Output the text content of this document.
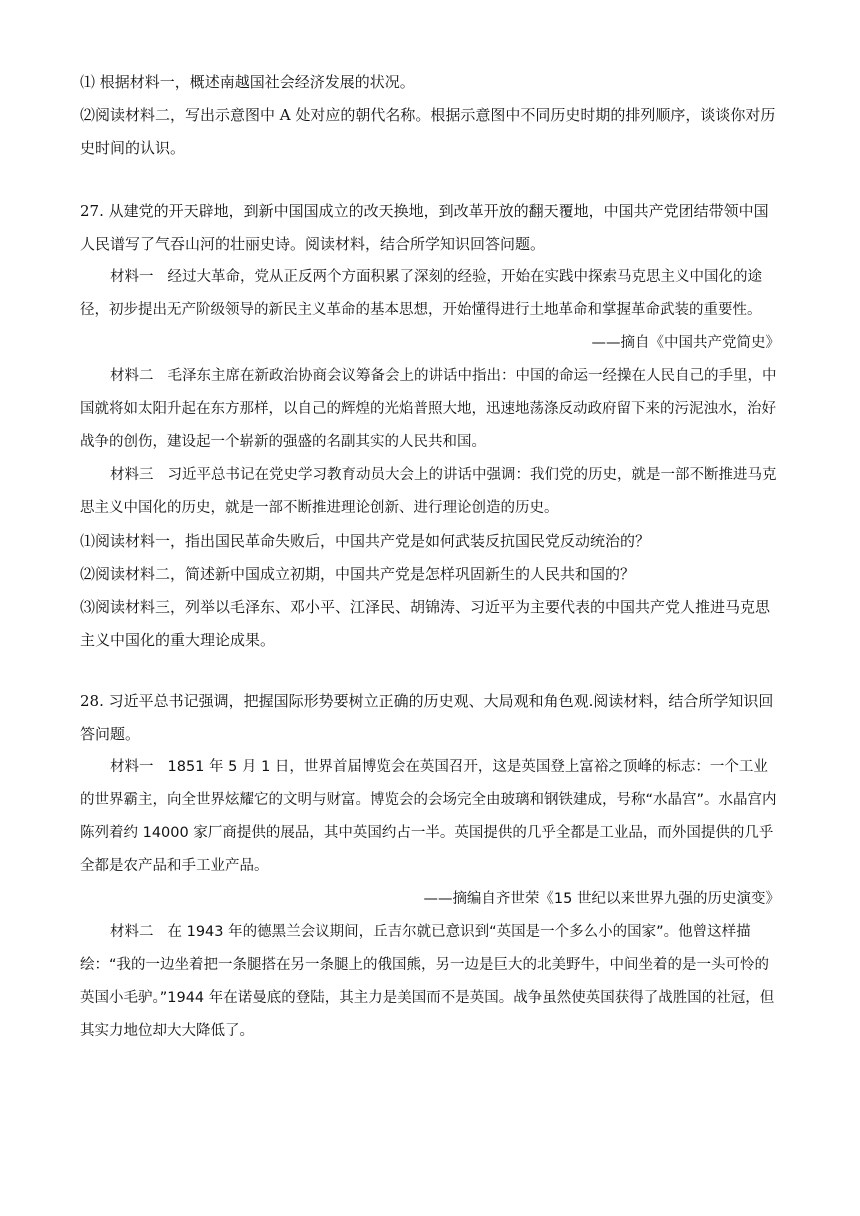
⑴ 根据材料一，概述南越国社会经济发展的状况。

⑵阅读材料二，写出示意图中 A 处对应的朝代名称。根据示意图中不同历史时期的排列顺序，谈谈你对历史时间的认识。

27. 从建党的开天辟地，到新中国国成立的改天换地，到改革开放的翻天覆地，中国共产党团结带领中国人民谱写了气吞山河的壮丽史诗。阅读材料，结合所学知识回答问题。

材料一 经过大革命，党从正反两个方面积累了深刻的经验，开始在实践中探索马克思主义中国化的途径，初步提出无产阶级领导的新民主义革命的基本思想，开始懂得进行土地革命和掌握革命武装的重要性。

——摘自《中国共产党简史》

材料二 毛泽东主席在新政治协商会议筹备会上的讲话中指出：中国的命运一经操在人民自己的手里，中国就将如太阳升起在东方那样，以自己的辉煌的光焰普照大地，迅速地荡涤反动政府留下来的污泥浊水，治好战争的创伤，建设起一个崭新的强盛的名副其实的人民共和国。

材料三 习近平总书记在党史学习教育动员大会上的讲话中强调：我们党的历史，就是一部不断推进马克思主义中国化的历史，就是一部不断推进理论创新、进行理论创造的历史。

⑴阅读材料一，指出国民革命失败后，中国共产党是如何武装反抗国民党反动统治的？

⑵阅读材料二，简述新中国成立初期，中国共产党是怎样巩固新生的人民共和国的？

⑶阅读材料三，列举以毛泽东、邓小平、江泽民、胡锦涛、习近平为主要代表的中国共产党人推进马克思主义中国化的重大理论成果。

28. 习近平总书记强调，把握国际形势要树立正确的历史观、大局观和角色观.阅读材料，结合所学知识回答问题。

材料一 1851 年 5 月 1 日，世界首届博览会在英国召开，这是英国登上富裕之顶峰的标志：一个工业的世界霸主，向全世界炫耀它的文明与财富。博览会的会场完全由玻璃和钢铁建成，号称“水晶宫”。水晶宫内陈列着约 14000 家厂商提供的展品，其中英国约占一半。英国提供的几乎全都是工业品，而外国提供的几乎全都是农产品和手工业产品。

——摘编自齐世荣《15 世纪以来世界九强的历史演变》

材料二 在 1943 年的德黑兰会议期间，丘吉尔就已意识到“英国是一个多么小的国家”。他曾这样描绘：“我的一边坐着把一条腿搭在另一条腿上的俄国熊，另一边是巨大的北美野牛，中间坐着的是一头可怜的英国小毛驴。”1944 年在诺曼底的登陆，其主力是美国而不是英国。战争虽然使英国获得了战胜国的社冠，但其实力地位却大大降低了。
